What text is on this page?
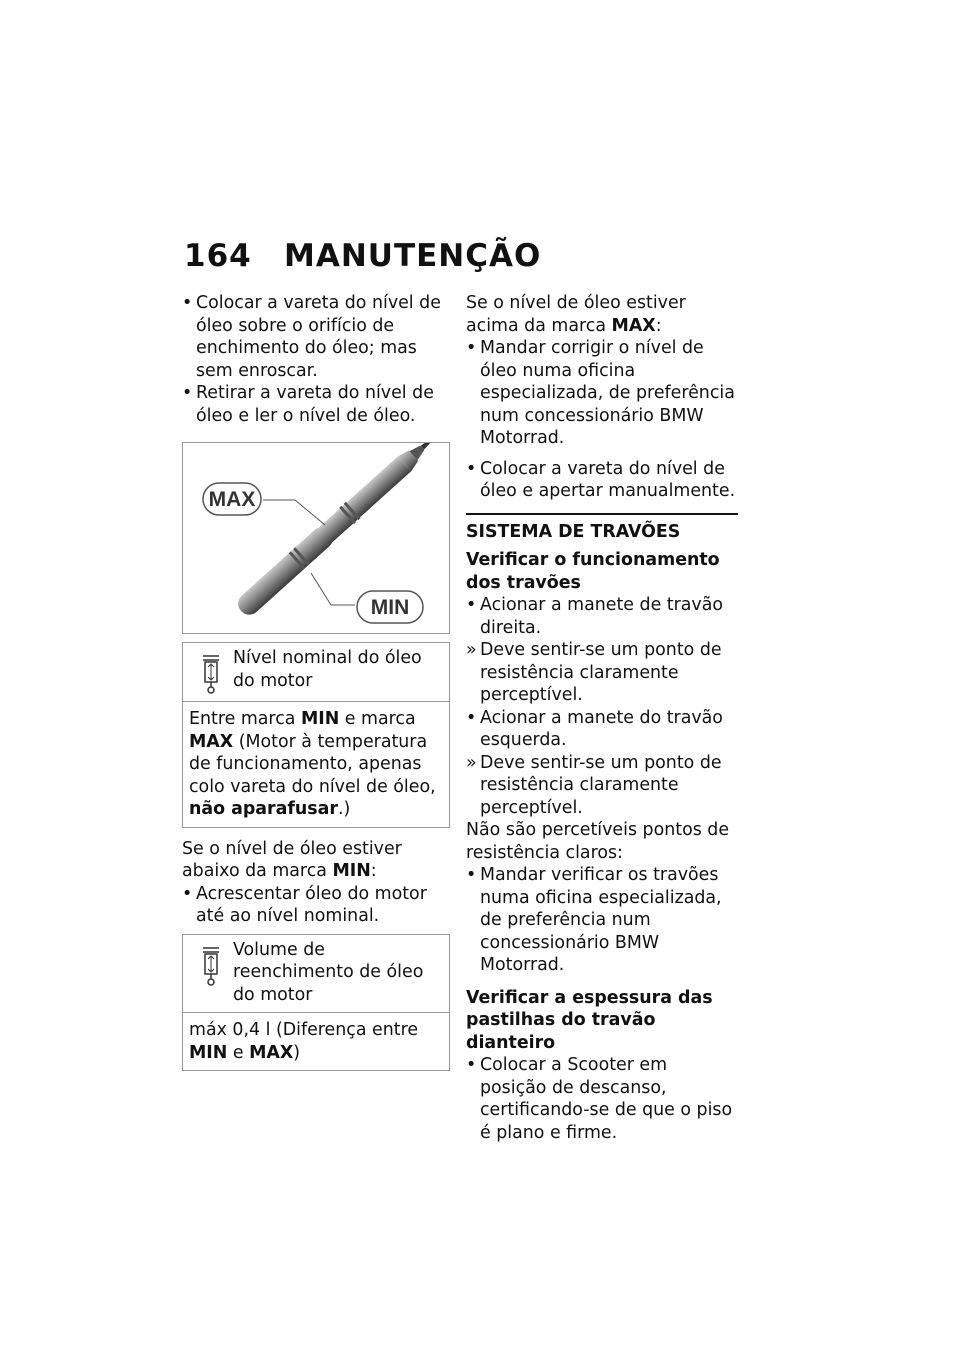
164 MANUTENÇÃO

• Colocar a vareta do nível de óleo sobre o orifício de enchimento do óleo; mas sem enroscar.

• Retirar a vareta do nível de óleo e ler o nível de óleo.

MAX
MIN
Nível nominal do óleo do motor
Entre marca MIN e marca MAX (Motor à temperatura de funcionamento, apenas colo vareta do nível de óleo, não aparafusar.)

Se o nível de óleo estiver abaixo da marca MIN:

• Acrescentar óleo do motor até ao nível nominal.

Volume de reenchimento de óleo do motor
máx 0,4 l (Diferença entre MIN e MAX)

Se o nível de óleo estiver acima da marca MAX:

• Mandar corrigir o nível de óleo numa oficina especializada, de preferência num concessionário BMW Motorrad.

• Colocar a vareta do nível de óleo e apertar manualmente.

SISTEMA DE TRAVÕES
Verificar o funcionamento dos travões

• Acionar a manete de travão direita.

» Deve sentir-se um ponto de resistência claramente perceptível.

• Acionar a manete do travão esquerda.

» Deve sentir-se um ponto de resistência claramente perceptível.

Não são percetíveis pontos de resistência claros:

• Mandar verificar os travões numa oficina especializada, de preferência num concessionário BMW Motorrad.

Verificar a espessura das pastilhas do travão dianteiro

• Colocar a Scooter em posição de descanso, certificando-se de que o piso é plano e firme.
